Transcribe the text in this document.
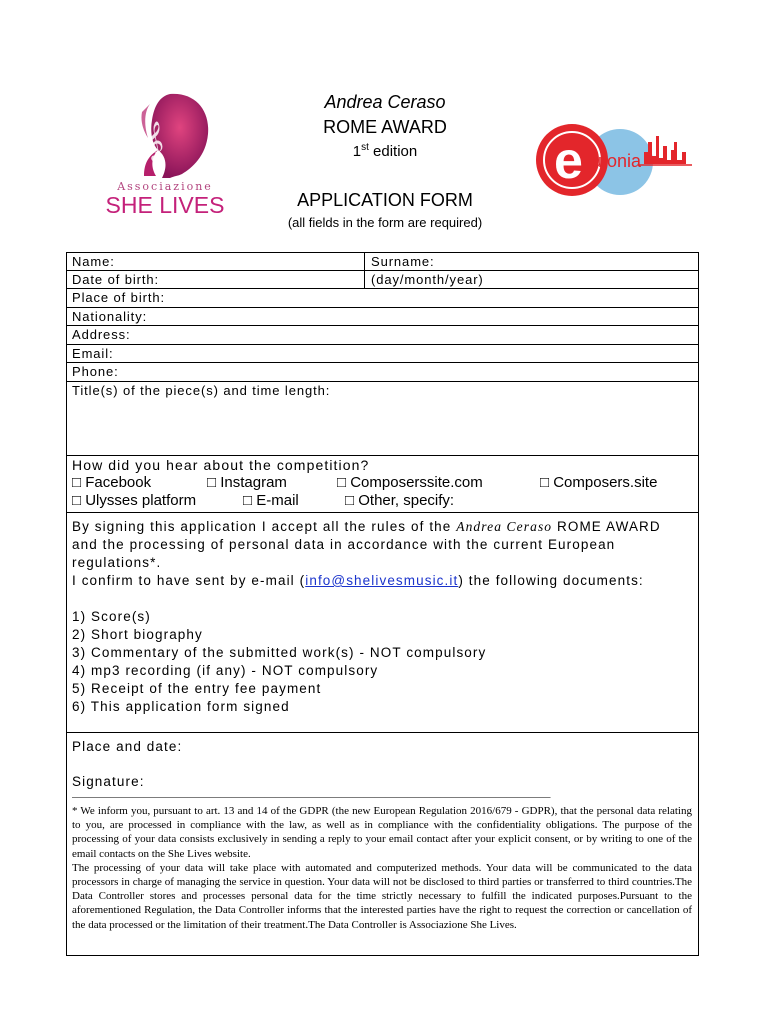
𝄞
Associazione
SHE LIVES
e ufonia
Andrea Ceraso
ROME AWARD
1st edition
APPLICATION FORM
(all fields in the form are required)
Name:	Surname:
Date of birth:	(day/month/year)
Place of birth:
Nationality:
Address:
Email:
Phone:
Title(s) of the piece(s) and time length:
How did you hear about the competition?
□ Facebook	□ Instagram	□ Composerssite.com	□ Composers.site
□ Ulysses platform	□ E-mail	□ Other, specify:
By signing this application I accept all the rules of the Andrea Ceraso ROME AWARD and the processing of personal data in accordance with the current European regulations*.
I confirm to have sent by e-mail (info@shelivesmusic.it) the following documents:
1) Score(s)
2) Short biography
3) Commentary of the submitted work(s) - NOT compulsory
4) mp3 recording (if any) - NOT compulsory
5) Receipt of the entry fee payment
6) This application form signed
Place and date:
Signature:
_______________________________________________________________________________________
* We inform you, pursuant to art. 13 and 14 of the GDPR (the new European Regulation 2016/679 - GDPR), that the personal data relating to you, are processed in compliance with the law, as well as in compliance with the confidentiality obligations. The purpose of the processing of your data consists exclusively in sending a reply to your email contact after your explicit consent, or by writing to one of the email contacts on the She Lives website.
The processing of your data will take place with automated and computerized methods. Your data will be communicated to the data processors in charge of managing the service in question. Your data will not be disclosed to third parties or transferred to third countries.The Data Controller stores and processes personal data for the time strictly necessary to fulfill the indicated purposes.Pursuant to the aforementioned Regulation, the Data Controller informs that the interested parties have the right to request the correction or cancellation of the data processed or the limitation of their treatment.The Data Controller is Associazione She Lives.
